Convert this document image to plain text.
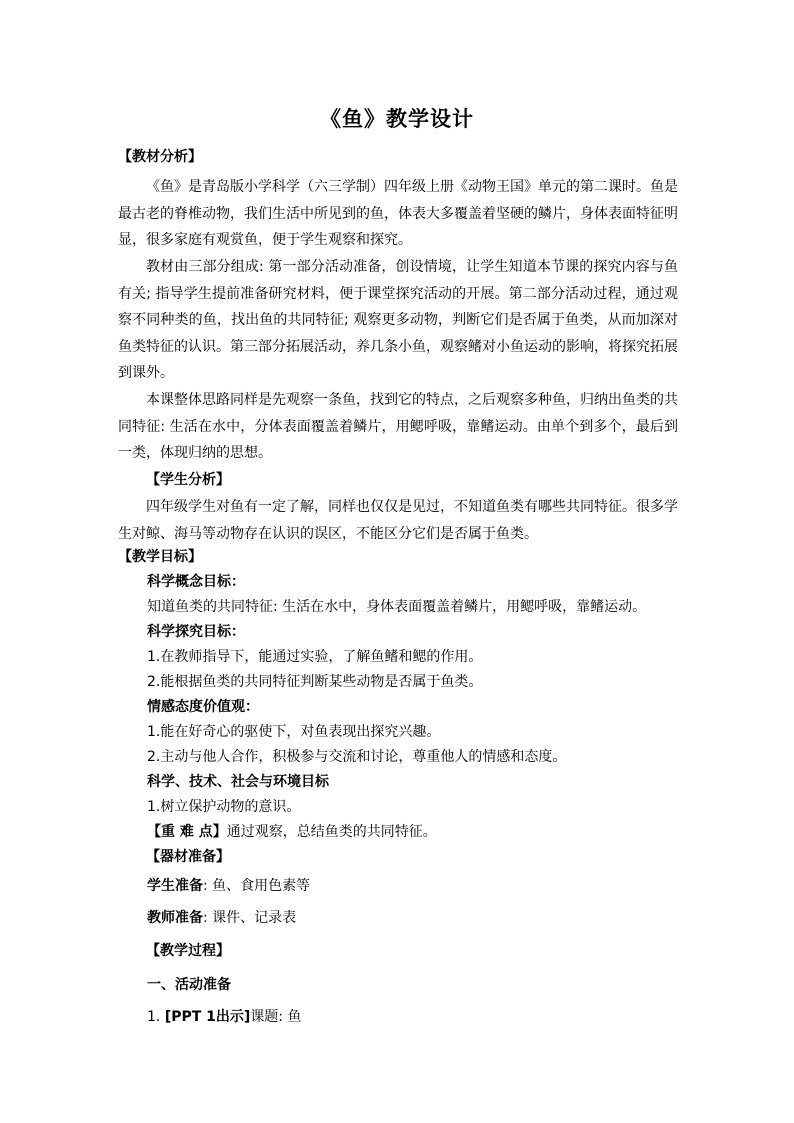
《鱼》教学设计
【教材分析】
《鱼》是青岛版小学科学（六三学制）四年级上册《动物王国》单元的第二课时。鱼是最古老的脊椎动物，我们生活中所见到的鱼，体表大多覆盖着坚硬的鳞片，身体表面特征明显，很多家庭有观赏鱼，便于学生观察和探究。
教材由三部分组成: 第一部分活动准备，创设情境，让学生知道本节课的探究内容与鱼有关; 指导学生提前准备研究材料，便于课堂探究活动的开展。第二部分活动过程，通过观察不同种类的鱼，找出鱼的共同特征; 观察更多动物，判断它们是否属于鱼类，从而加深对鱼类特征的认识。第三部分拓展活动，养几条小鱼，观察鳍对小鱼运动的影响，将探究拓展到课外。
本课整体思路同样是先观察一条鱼，找到它的特点，之后观察多种鱼，归纳出鱼类的共同特征: 生活在水中，分体表面覆盖着鳞片，用鳃呼吸，靠鳍运动。由单个到多个，最后到一类，体现归纳的思想。
【学生分析】
四年级学生对鱼有一定了解，同样也仅仅是见过，不知道鱼类有哪些共同特征。很多学生对鲸、海马等动物存在认识的误区，不能区分它们是否属于鱼类。
【教学目标】
科学概念目标：
知道鱼类的共同特征: 生活在水中，身体表面覆盖着鳞片，用鳃呼吸，靠鳍运动。
科学探究目标：
1.在教师指导下，能通过实验，了解鱼鳍和鳃的作用。
2.能根据鱼类的共同特征判断某些动物是否属于鱼类。
情感态度价值观：
1.能在好奇心的驱使下，对鱼表现出探究兴趣。
2.主动与他人合作，积极参与交流和讨论，尊重他人的情感和态度。
科学、技术、社会与环境目标
1.树立保护动物的意识。
【重 难 点】通过观察，总结鱼类的共同特征。
【器材准备】
学生准备: 鱼、食用色素等
教师准备: 课件、记录表
【教学过程】
一、活动准备
1. [PPT 1出示]课题: 鱼
